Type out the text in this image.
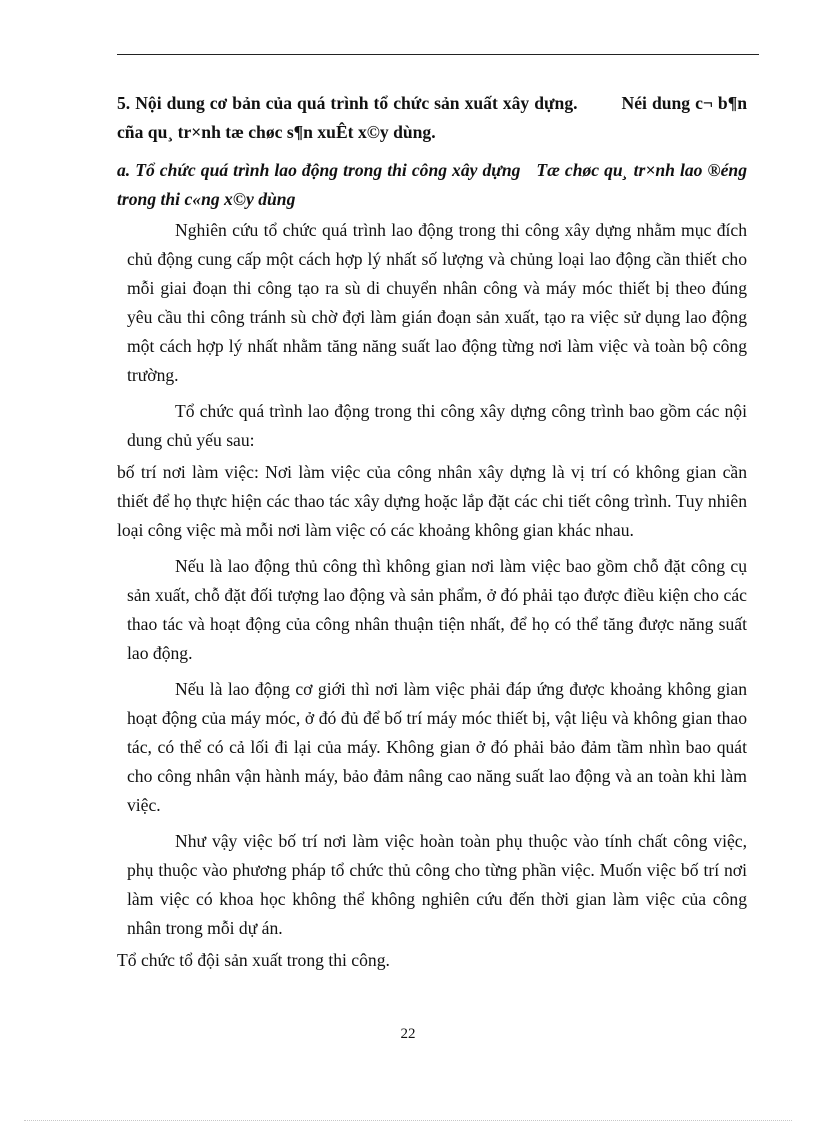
5. Nội dung cơ bản của quá trình tổ chức sản xuất xây dựng.	Néi dung c¬ b¶n cña qu¸ tr×nh tæ chøc s¶n xuÊt x©y dùng.
a. Tổ chức quá trình lao động trong thi công xây dựng Tæ chøc qu¸ tr×nh lao ®éng trong thi c«ng x©y dùng

Nghiên cứu tổ chức quá trình lao động trong thi công xây dựng nhằm mục đích chủ động cung cấp một cách hợp lý nhất số lượng và chủng loại lao động cần thiết cho mỗi giai đoạn thi công tạo ra sù di chuyển nhân công và máy móc thiết bị theo đúng yêu cầu thi công tránh sù chờ đợi làm gián đoạn sản xuất, tạo ra việc sử dụng lao động một cách hợp lý nhất nhằm tăng năng suất lao động từng nơi làm việc và toàn bộ công trường.

Tổ chức quá trình lao động trong thi công xây dựng công trình bao gồm các nội dung chủ yếu sau:

bố trí nơi làm việc: Nơi làm việc của công nhân xây dựng là vị trí có không gian cần thiết để họ thực hiện các thao tác xây dựng hoặc lắp đặt các chi tiết công trình. Tuy nhiên loại công việc mà mỗi nơi làm việc có các khoảng không gian khác nhau.

Nếu là lao động thủ công thì không gian nơi làm việc bao gồm chỗ đặt công cụ sản xuất, chỗ đặt đối tượng lao động và sản phẩm, ở đó phải tạo được điều kiện cho các thao tác và hoạt động của công nhân thuận tiện nhất, để họ có thể tăng được năng suất lao động.

Nếu là lao động cơ giới thì nơi làm việc phải đáp ứng được khoảng không gian hoạt động của máy móc, ở đó đủ để bố trí máy móc thiết bị, vật liệu và không gian thao tác, có thể có cả lối đi lại của máy. Không gian ở đó phải bảo đảm tầm nhìn bao quát cho công nhân vận hành máy, bảo đảm nâng cao năng suất lao động và an toàn khi làm việc.

Như vậy việc bố trí nơi làm việc hoàn toàn phụ thuộc vào tính chất công việc, phụ thuộc vào phương pháp tổ chức thủ công cho từng phần việc. Muốn việc bố trí nơi làm việc có khoa học không thể không nghiên cứu đến thời gian làm việc của công nhân trong mỗi dự án.

Tổ chức tổ đội sản xuất trong thi công.

22
